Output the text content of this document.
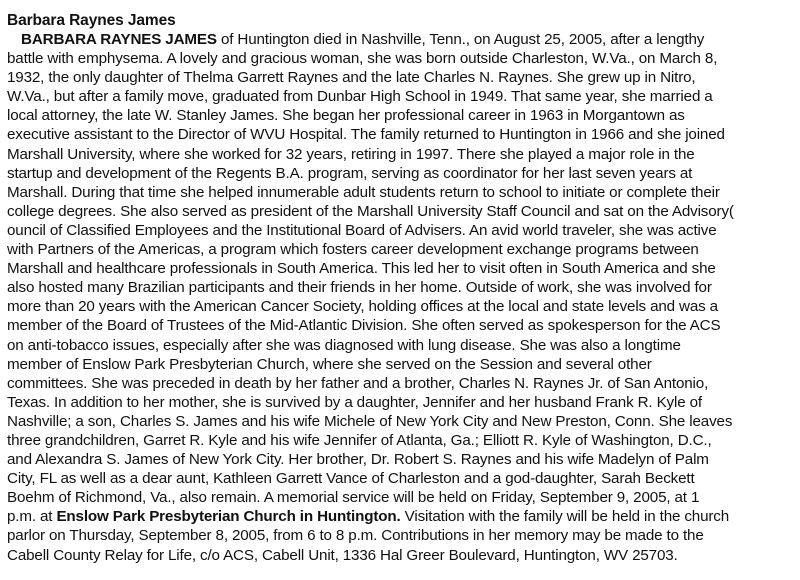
Barbara Raynes James
BARBARA RAYNES JAMES of Huntington died in Nashville, Tenn., on August 25, 2005, after a lengthy
battle with emphysema. A lovely and gracious woman, she was born outside Charleston, W.Va., on March 8,
1932, the only daughter of Thelma Garrett Raynes and the late Charles N. Raynes. She grew up in Nitro,
W.Va., but after a family move, graduated from Dunbar High School in 1949. That same year, she married a
local attorney, the late W. Stanley James. She began her professional career in 1963 in Morgantown as
executive assistant to the Director of WVU Hospital. The family returned to Huntington in 1966 and she joined
Marshall University, where she worked for 32 years, retiring in 1997. There she played a major role in the
startup and development of the Regents B.A. program, serving as coordinator for her last seven years at
Marshall. During that time she helped innumerable adult students return to school to initiate or complete their
college degrees. She also served as president of the Marshall University Staff Council and sat on the Advisory(
ouncil of Classified Employees and the Institutional Board of Advisers. An avid world traveler, she was active
with Partners of the Americas, a program which fosters career development exchange programs between
Marshall and healthcare professionals in South America. This led her to visit often in South America and she
also hosted many Brazilian participants and their friends in her home. Outside of work, she was involved for
more than 20 years with the American Cancer Society, holding offices at the local and state levels and was a
member of the Board of Trustees of the Mid-Atlantic Division. She often served as spokesperson for the ACS
on anti-tobacco issues, especially after she was diagnosed with lung disease. She was also a longtime
member of Enslow Park Presbyterian Church, where she served on the Session and several other
committees. She was preceded in death by her father and a brother, Charles N. Raynes Jr. of San Antonio,
Texas. In addition to her mother, she is survived by a daughter, Jennifer and her husband Frank R. Kyle of
Nashville; a son, Charles S. James and his wife Michele of New York City and New Preston, Conn. She leaves
three grandchildren, Garret R. Kyle and his wife Jennifer of Atlanta, Ga.; Elliott R. Kyle of Washington, D.C.,
and Alexandra S. James of New York City. Her brother, Dr. Robert S. Raynes and his wife Madelyn of Palm
City, FL as well as a dear aunt, Kathleen Garrett Vance of Charleston and a god-daughter, Sarah Beckett
Boehm of Richmond, Va., also remain. A memorial service will be held on Friday, September 9, 2005, at 1
p.m. at Enslow Park Presbyterian Church in Huntington. Visitation with the family will be held in the church
parlor on Thursday, September 8, 2005, from 6 to 8 p.m. Contributions in her memory may be made to the
Cabell County Relay for Life, c/o ACS, Cabell Unit, 1336 Hal Greer Boulevard, Huntington, WV 25703.
